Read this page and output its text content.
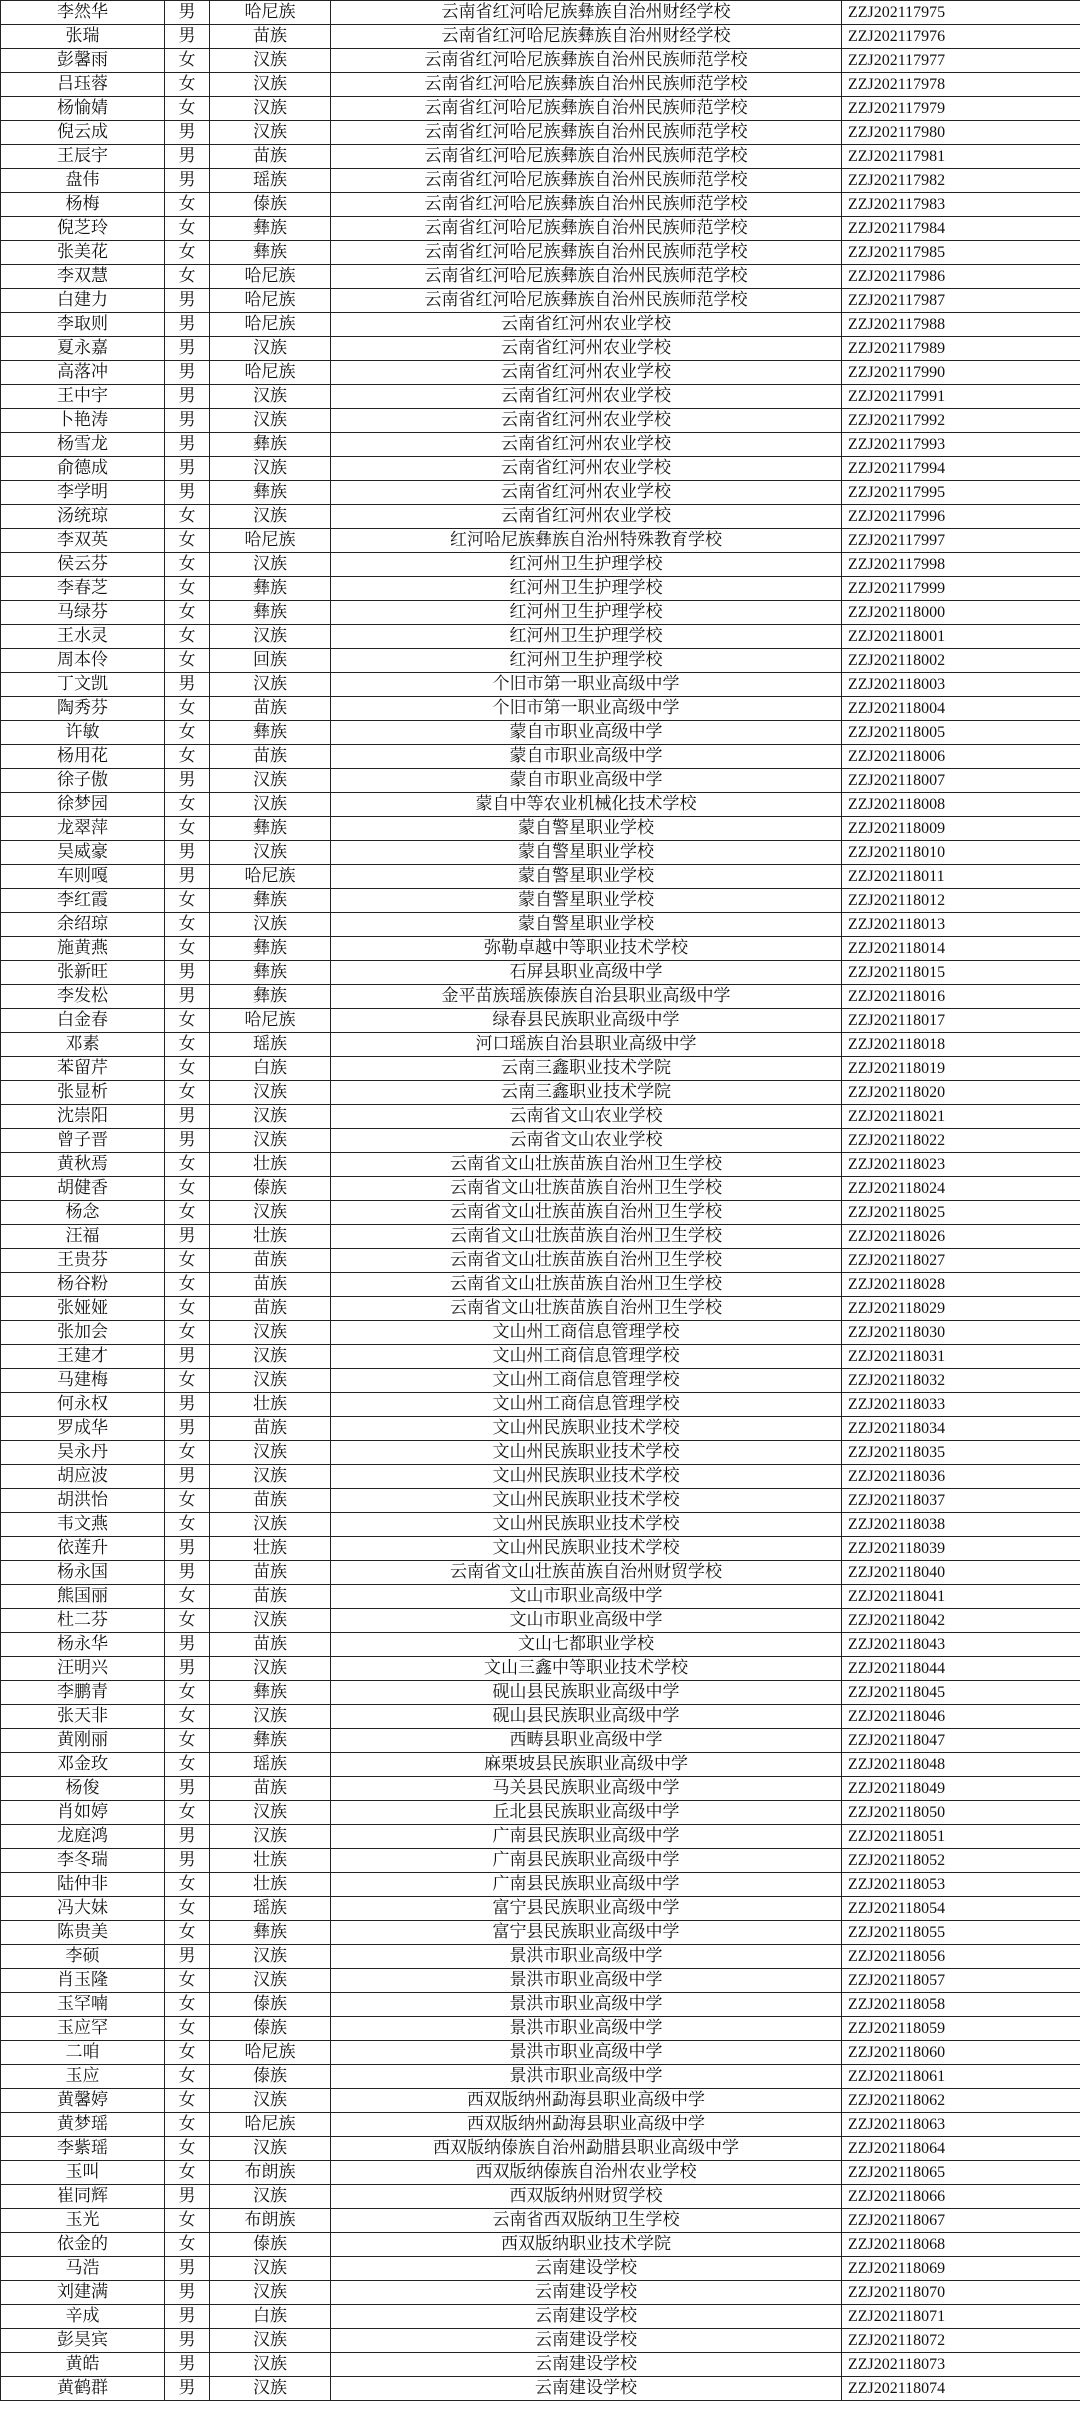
李然华	男	哈尼族	云南省红河哈尼族彝族自治州财经学校	ZZJ202117975
张瑞	男	苗族	云南省红河哈尼族彝族自治州财经学校	ZZJ202117976
彭馨雨	女	汉族	云南省红河哈尼族彝族自治州民族师范学校	ZZJ202117977
吕珏蓉	女	汉族	云南省红河哈尼族彝族自治州民族师范学校	ZZJ202117978
杨愉婧	女	汉族	云南省红河哈尼族彝族自治州民族师范学校	ZZJ202117979
倪云成	男	汉族	云南省红河哈尼族彝族自治州民族师范学校	ZZJ202117980
王辰宇	男	苗族	云南省红河哈尼族彝族自治州民族师范学校	ZZJ202117981
盘伟	男	瑶族	云南省红河哈尼族彝族自治州民族师范学校	ZZJ202117982
杨梅	女	傣族	云南省红河哈尼族彝族自治州民族师范学校	ZZJ202117983
倪芝玲	女	彝族	云南省红河哈尼族彝族自治州民族师范学校	ZZJ202117984
张美花	女	彝族	云南省红河哈尼族彝族自治州民族师范学校	ZZJ202117985
李双慧	女	哈尼族	云南省红河哈尼族彝族自治州民族师范学校	ZZJ202117986
白建力	男	哈尼族	云南省红河哈尼族彝族自治州民族师范学校	ZZJ202117987
李取则	男	哈尼族	云南省红河州农业学校	ZZJ202117988
夏永嘉	男	汉族	云南省红河州农业学校	ZZJ202117989
高落冲	男	哈尼族	云南省红河州农业学校	ZZJ202117990
王中宇	男	汉族	云南省红河州农业学校	ZZJ202117991
卜艳涛	男	汉族	云南省红河州农业学校	ZZJ202117992
杨雪龙	男	彝族	云南省红河州农业学校	ZZJ202117993
俞德成	男	汉族	云南省红河州农业学校	ZZJ202117994
李学明	男	彝族	云南省红河州农业学校	ZZJ202117995
汤统琼	女	汉族	云南省红河州农业学校	ZZJ202117996
李双英	女	哈尼族	红河哈尼族彝族自治州特殊教育学校	ZZJ202117997
侯云芬	女	汉族	红河州卫生护理学校	ZZJ202117998
李春芝	女	彝族	红河州卫生护理学校	ZZJ202117999
马绿芬	女	彝族	红河州卫生护理学校	ZZJ202118000
王水灵	女	汉族	红河州卫生护理学校	ZZJ202118001
周本伶	女	回族	红河州卫生护理学校	ZZJ202118002
丁文凯	男	汉族	个旧市第一职业高级中学	ZZJ202118003
陶秀芬	女	苗族	个旧市第一职业高级中学	ZZJ202118004
许敏	女	彝族	蒙自市职业高级中学	ZZJ202118005
杨用花	女	苗族	蒙自市职业高级中学	ZZJ202118006
徐子傲	男	汉族	蒙自市职业高级中学	ZZJ202118007
徐梦园	女	汉族	蒙自中等农业机械化技术学校	ZZJ202118008
龙翠萍	女	彝族	蒙自警星职业学校	ZZJ202118009
吴威豪	男	汉族	蒙自警星职业学校	ZZJ202118010
车则嘎	男	哈尼族	蒙自警星职业学校	ZZJ202118011
李红霞	女	彝族	蒙自警星职业学校	ZZJ202118012
余绍琼	女	汉族	蒙自警星职业学校	ZZJ202118013
施黄燕	女	彝族	弥勒卓越中等职业技术学校	ZZJ202118014
张新旺	男	彝族	石屏县职业高级中学	ZZJ202118015
李发松	男	彝族	金平苗族瑶族傣族自治县职业高级中学	ZZJ202118016
白金春	女	哈尼族	绿春县民族职业高级中学	ZZJ202118017
邓素	女	瑶族	河口瑶族自治县职业高级中学	ZZJ202118018
苯留芹	女	白族	云南三鑫职业技术学院	ZZJ202118019
张显析	女	汉族	云南三鑫职业技术学院	ZZJ202118020
沈崇阳	男	汉族	云南省文山农业学校	ZZJ202118021
曾子晋	男	汉族	云南省文山农业学校	ZZJ202118022
黄秋焉	女	壮族	云南省文山壮族苗族自治州卫生学校	ZZJ202118023
胡健香	女	傣族	云南省文山壮族苗族自治州卫生学校	ZZJ202118024
杨念	女	汉族	云南省文山壮族苗族自治州卫生学校	ZZJ202118025
汪福	男	壮族	云南省文山壮族苗族自治州卫生学校	ZZJ202118026
王贵芬	女	苗族	云南省文山壮族苗族自治州卫生学校	ZZJ202118027
杨谷粉	女	苗族	云南省文山壮族苗族自治州卫生学校	ZZJ202118028
张娅娅	女	苗族	云南省文山壮族苗族自治州卫生学校	ZZJ202118029
张加会	女	汉族	文山州工商信息管理学校	ZZJ202118030
王建才	男	汉族	文山州工商信息管理学校	ZZJ202118031
马建梅	女	汉族	文山州工商信息管理学校	ZZJ202118032
何永权	男	壮族	文山州工商信息管理学校	ZZJ202118033
罗成华	男	苗族	文山州民族职业技术学校	ZZJ202118034
吴永丹	女	汉族	文山州民族职业技术学校	ZZJ202118035
胡应波	男	汉族	文山州民族职业技术学校	ZZJ202118036
胡洪怡	女	苗族	文山州民族职业技术学校	ZZJ202118037
韦文燕	女	汉族	文山州民族职业技术学校	ZZJ202118038
依莲升	男	壮族	文山州民族职业技术学校	ZZJ202118039
杨永国	男	苗族	云南省文山壮族苗族自治州财贸学校	ZZJ202118040
熊国丽	女	苗族	文山市职业高级中学	ZZJ202118041
杜二芬	女	汉族	文山市职业高级中学	ZZJ202118042
杨永华	男	苗族	文山七都职业学校	ZZJ202118043
汪明兴	男	汉族	文山三鑫中等职业技术学校	ZZJ202118044
李鹏青	女	彝族	砚山县民族职业高级中学	ZZJ202118045
张天非	女	汉族	砚山县民族职业高级中学	ZZJ202118046
黄刚丽	女	彝族	西畴县职业高级中学	ZZJ202118047
邓金玫	女	瑶族	麻栗坡县民族职业高级中学	ZZJ202118048
杨俊	男	苗族	马关县民族职业高级中学	ZZJ202118049
肖如婷	女	汉族	丘北县民族职业高级中学	ZZJ202118050
龙庭鸿	男	汉族	广南县民族职业高级中学	ZZJ202118051
李冬瑞	男	壮族	广南县民族职业高级中学	ZZJ202118052
陆仲非	女	壮族	广南县民族职业高级中学	ZZJ202118053
冯大妹	女	瑶族	富宁县民族职业高级中学	ZZJ202118054
陈贵美	女	彝族	富宁县民族职业高级中学	ZZJ202118055
李硕	男	汉族	景洪市职业高级中学	ZZJ202118056
肖玉隆	女	汉族	景洪市职业高级中学	ZZJ202118057
玉罕喃	女	傣族	景洪市职业高级中学	ZZJ202118058
玉应罕	女	傣族	景洪市职业高级中学	ZZJ202118059
二咱	女	哈尼族	景洪市职业高级中学	ZZJ202118060
玉应	女	傣族	景洪市职业高级中学	ZZJ202118061
黄馨婷	女	汉族	西双版纳州勐海县职业高级中学	ZZJ202118062
黄梦瑶	女	哈尼族	西双版纳州勐海县职业高级中学	ZZJ202118063
李紫瑶	女	汉族	西双版纳傣族自治州勐腊县职业高级中学	ZZJ202118064
玉叫	女	布朗族	西双版纳傣族自治州农业学校	ZZJ202118065
崔同辉	男	汉族	西双版纳州财贸学校	ZZJ202118066
玉光	女	布朗族	云南省西双版纳卫生学校	ZZJ202118067
依金的	女	傣族	西双版纳职业技术学院	ZZJ202118068
马浩	男	汉族	云南建设学校	ZZJ202118069
刘建满	男	汉族	云南建设学校	ZZJ202118070
辛成	男	白族	云南建设学校	ZZJ202118071
彭昊宾	男	汉族	云南建设学校	ZZJ202118072
黄皓	男	汉族	云南建设学校	ZZJ202118073
黄鹤群	男	汉族	云南建设学校	ZZJ202118074
